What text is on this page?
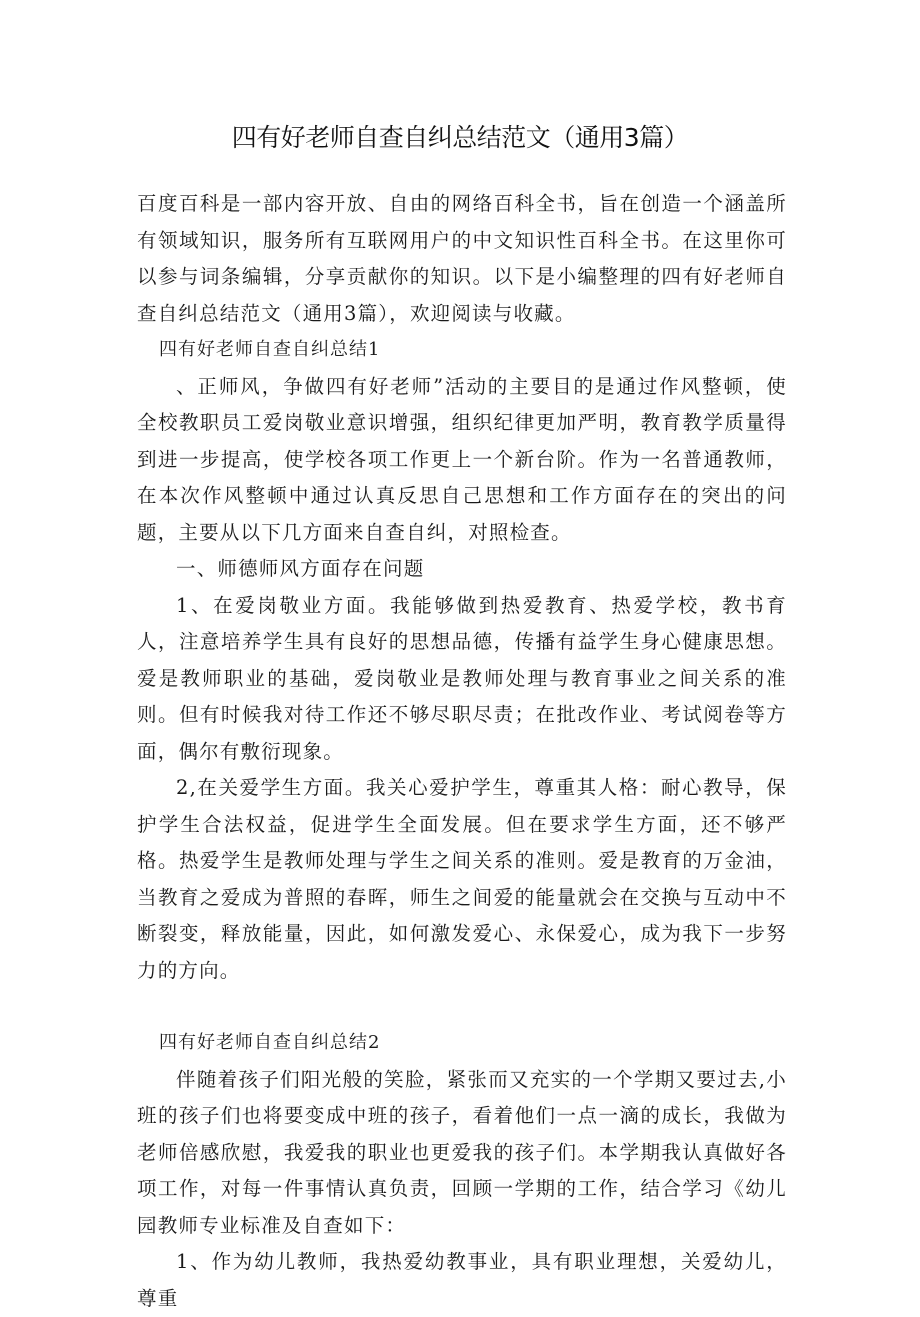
四有好老师自查自纠总结范文（通用3篇）

百度百科是一部内容开放、自由的网络百科全书，旨在创造一个涵盖所有领域知识，服务所有互联网用户的中文知识性百科全书。在这里你可以参与词条编辑，分享贡献你的知识。以下是小编整理的四有好老师自查自纠总结范文（通用3篇），欢迎阅读与收藏。

四有好老师自查自纠总结1

、正师风，争做四有好老师”活动的主要目的是通过作风整顿，使全校教职员工爱岗敬业意识增强，组织纪律更加严明，教育教学质量得到进一步提高，使学校各项工作更上一个新台阶。作为一名普通教师，在本次作风整顿中通过认真反思自己思想和工作方面存在的突出的问题，主要从以下几方面来自查自纠，对照检查。

一、师德师风方面存在问题

1、在爱岗敬业方面。我能够做到热爱教育、热爱学校，教书育人，注意培养学生具有良好的思想品德，传播有益学生身心健康思想。爱是教师职业的基础，爱岗敬业是教师处理与教育事业之间关系的准则。但有时候我对待工作还不够尽职尽责；在批改作业、考试阅卷等方面，偶尔有敷衍现象。

2,在关爱学生方面。我关心爱护学生，尊重其人格：耐心教导，保护学生合法权益，促进学生全面发展。但在要求学生方面，还不够严格。热爱学生是教师处理与学生之间关系的准则。爱是教育的万金油，当教育之爱成为普照的春晖，师生之间爱的能量就会在交换与互动中不断裂变，释放能量，因此，如何激发爱心、永保爱心，成为我下一步努力的方向。

四有好老师自查自纠总结2

伴随着孩子们阳光般的笑脸，紧张而又充实的一个学期又要过去,小班的孩子们也将要变成中班的孩子，看着他们一点一滴的成长，我做为老师倍感欣慰，我爱我的职业也更爱我的孩子们。本学期我认真做好各项工作，对每一件事情认真负责，回顾一学期的工作，结合学习《幼儿园教师专业标准及自查如下：

1、作为幼儿教师，我热爱幼教事业，具有职业理想，关爱幼儿，尊重
